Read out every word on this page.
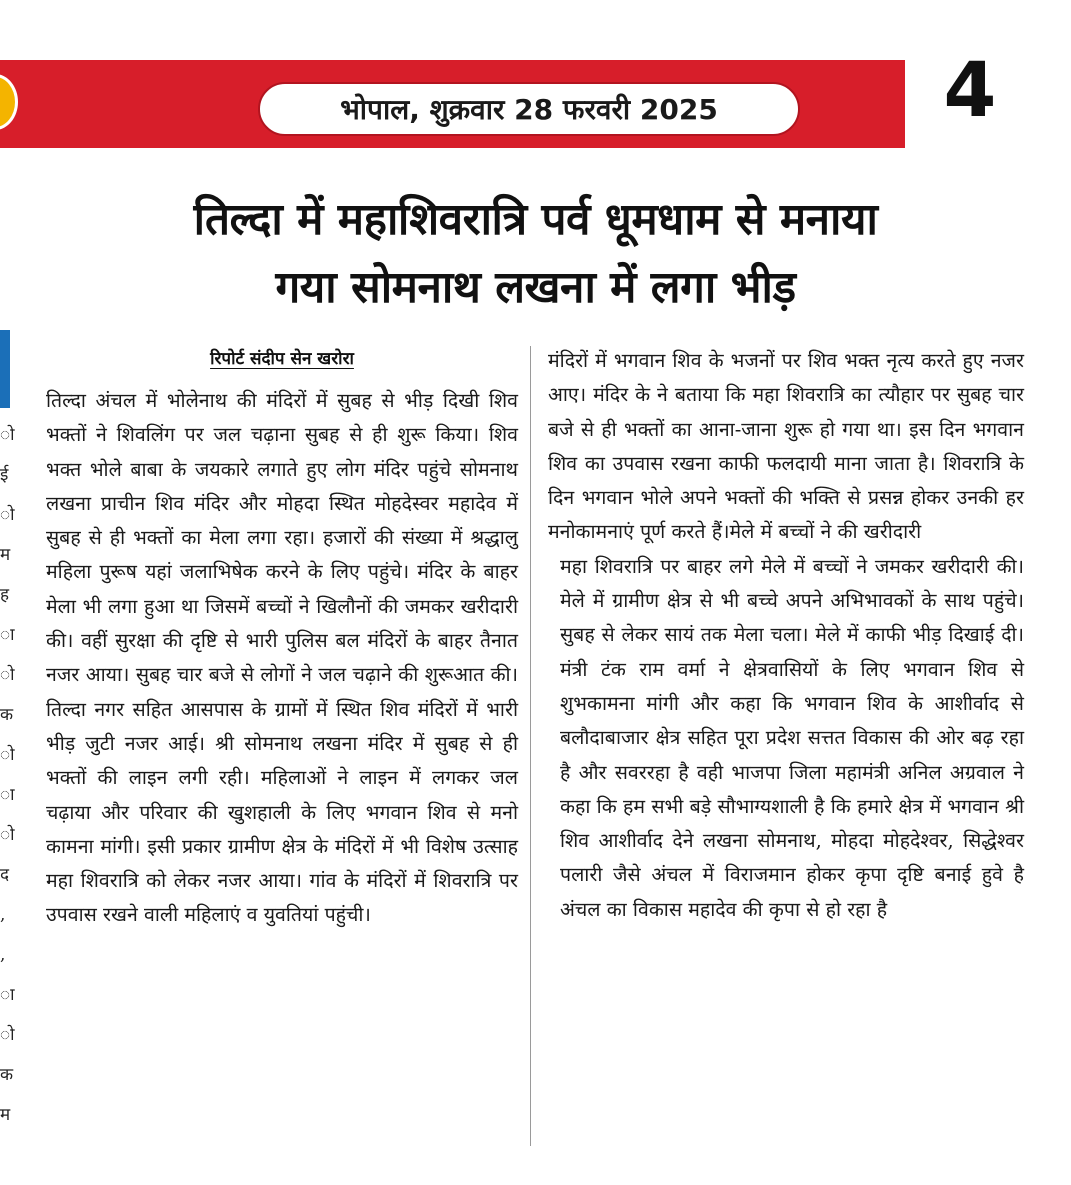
भोपाल, शुक्रवार 28 फरवरी 2025	4
तिल्दा में महाशिवरात्रि पर्व धूमधाम से मनाया
गया सोमनाथ लखना में लगा भीड़
ो
ई
ो
म
ह
ा
ो
क
ो
ा
ो
द
,
,
ा
ो
क
म
रिपोर्ट संदीप सेन खरोरा

तिल्दा अंचल में भोलेनाथ की मंदिरों में सुबह से भीड़ दिखी शिव भक्तों ने शिवलिंग पर जल चढ़ाना सुबह से ही शुरू किया। शिव भक्त भोले बाबा के जयकारे लगाते हुए लोग मंदिर पहुंचे सोमनाथ लखना प्राचीन शिव मंदिर और मोहदा स्थित मोहदेस्वर महादेव में सुबह से ही भक्तों का मेला लगा रहा। हजारों की संख्या में श्रद्धालु महिला पुरूष यहां जलाभिषेक करने के लिए पहुंचे। मंदिर के बाहर मेला भी लगा हुआ था जिसमें बच्चों ने खिलौनों की जमकर खरीदारी की। वहीं सुरक्षा की दृष्टि से भारी पुलिस बल मंदिरों के बाहर तैनात नजर आया। सुबह चार बजे से लोगों ने जल चढ़ाने की शुरूआत की। तिल्दा नगर सहित आसपास के ग्रामों में स्थित शिव मंदिरों में भारी भीड़ जुटी नजर आई। श्री सोमनाथ लखना मंदिर में सुबह से ही भक्तों की लाइन लगी रही। महिलाओं ने लाइन में लगकर जल चढ़ाया और परिवार की खुशहाली के लिए भगवान शिव से मनो कामना मांगी। इसी प्रकार ग्रामीण क्षेत्र के मंदिरों में भी विशेष उत्साह महा शिवरात्रि को लेकर नजर आया। गांव के मंदिरों में शिवरात्रि पर उपवास रखने वाली महिलाएं व युवतियां पहुंची।

मंदिरों में भगवान शिव के भजनों पर शिव भक्त नृत्य करते हुए नजर आए। मंदिर के ने बताया कि महा शिवरात्रि का त्यौहार पर सुबह चार बजे से ही भक्तों का आना-जाना शुरू हो गया था। इस दिन भगवान शिव का उपवास रखना काफी फलदायी माना जाता है। शिवरात्रि के दिन भगवान भोले अपने भक्तों की भक्ति से प्रसन्न होकर उनकी हर मनोकामनाएं पूर्ण करते हैं।मेले में बच्चों ने की खरीदारी

महा शिवरात्रि पर बाहर लगे मेले में बच्चों ने जमकर खरीदारी की। मेले में ग्रामीण क्षेत्र से भी बच्चे अपने अभिभावकों के साथ पहुंचे। सुबह से लेकर सायं तक मेला चला। मेले में काफी भीड़ दिखाई दी। मंत्री टंक राम वर्मा ने क्षेत्रवासियों के लिए भगवान शिव से शुभकामना मांगी और कहा कि भगवान शिव के आशीर्वाद से बलौदाबाजार क्षेत्र सहित पूरा प्रदेश सत्तत विकास की ओर बढ़ रहा है और सवररहा है वही भाजपा जिला महामंत्री अनिल अग्रवाल ने कहा कि हम सभी बड़े सौभाग्यशाली है कि हमारे क्षेत्र में भगवान श्री शिव आशीर्वाद देने लखना सोमनाथ, मोहदा मोहदेश्वर, सिद्धेश्वर पलारी जैसे अंचल में विराजमान होकर कृपा दृष्टि बनाई हुवे है अंचल का विकास महादेव की कृपा से हो रहा है
